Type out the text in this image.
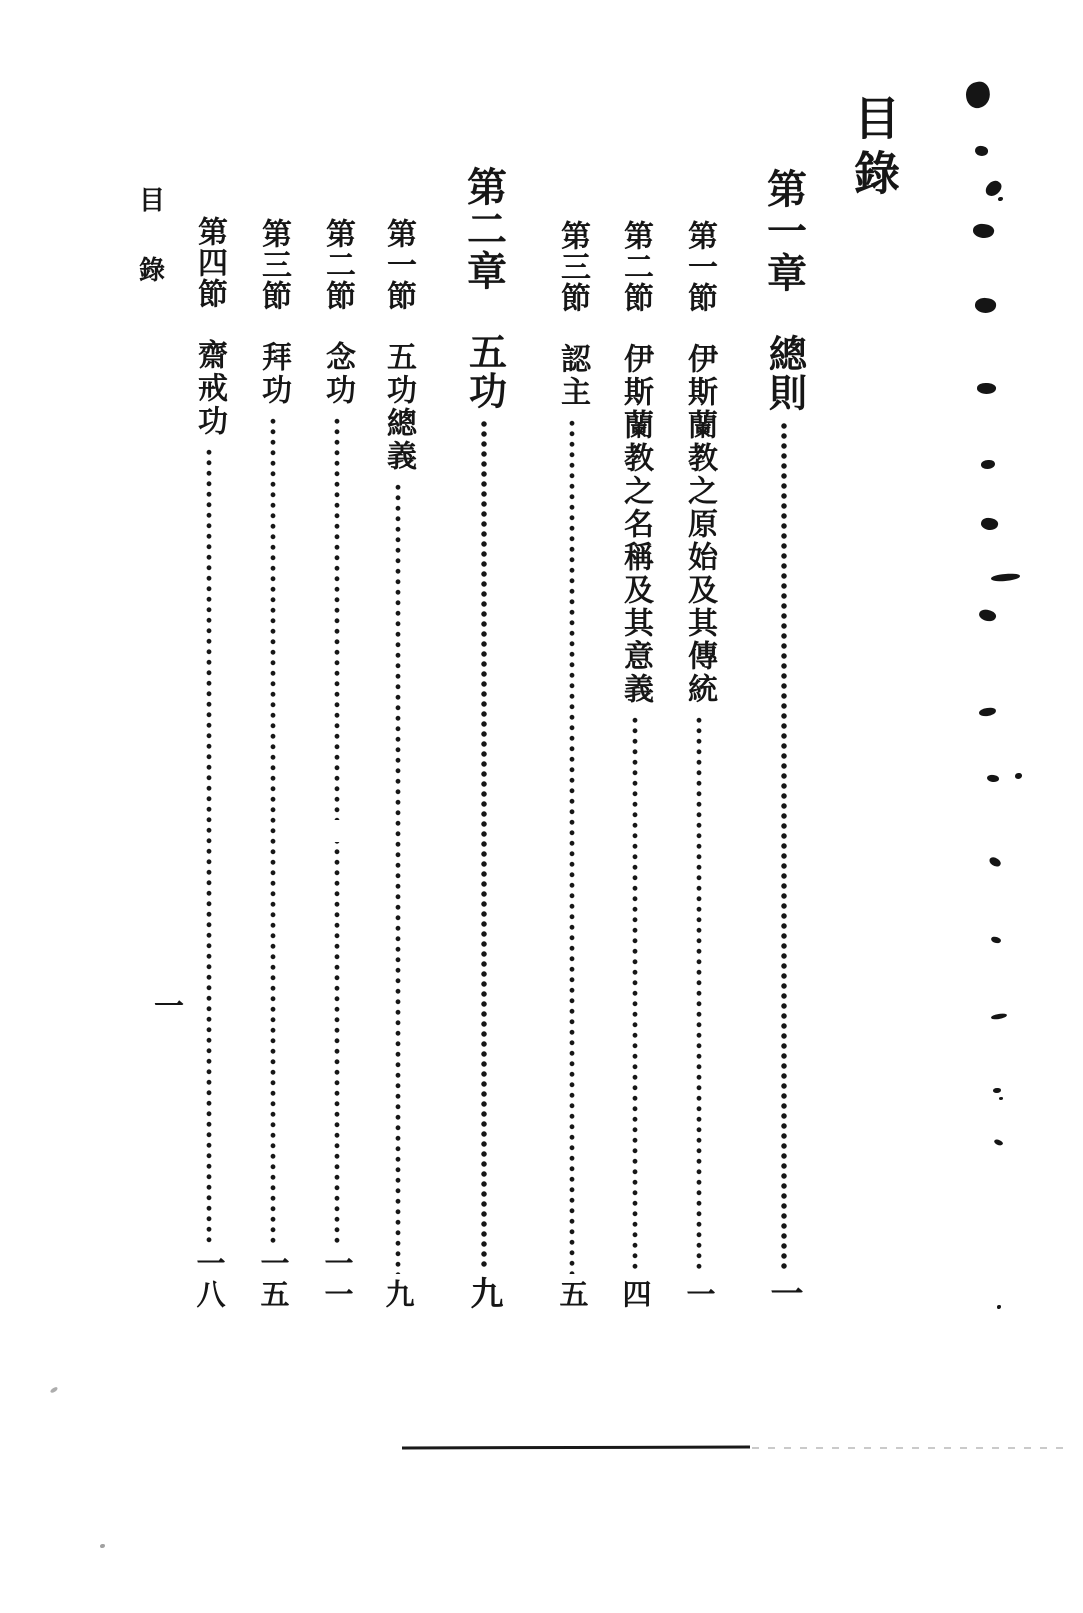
目錄
目錄
一
第一章
總則
一
第一節
伊斯蘭教之原始及其傳統
一
第二節
伊斯蘭教之名稱及其意義
四
第三節
認主
五
第二章
五功
九
第一節
五功總義
九
第二節
念功
一一
第三節
拜功
一五
第四節
齋戒功
一八
